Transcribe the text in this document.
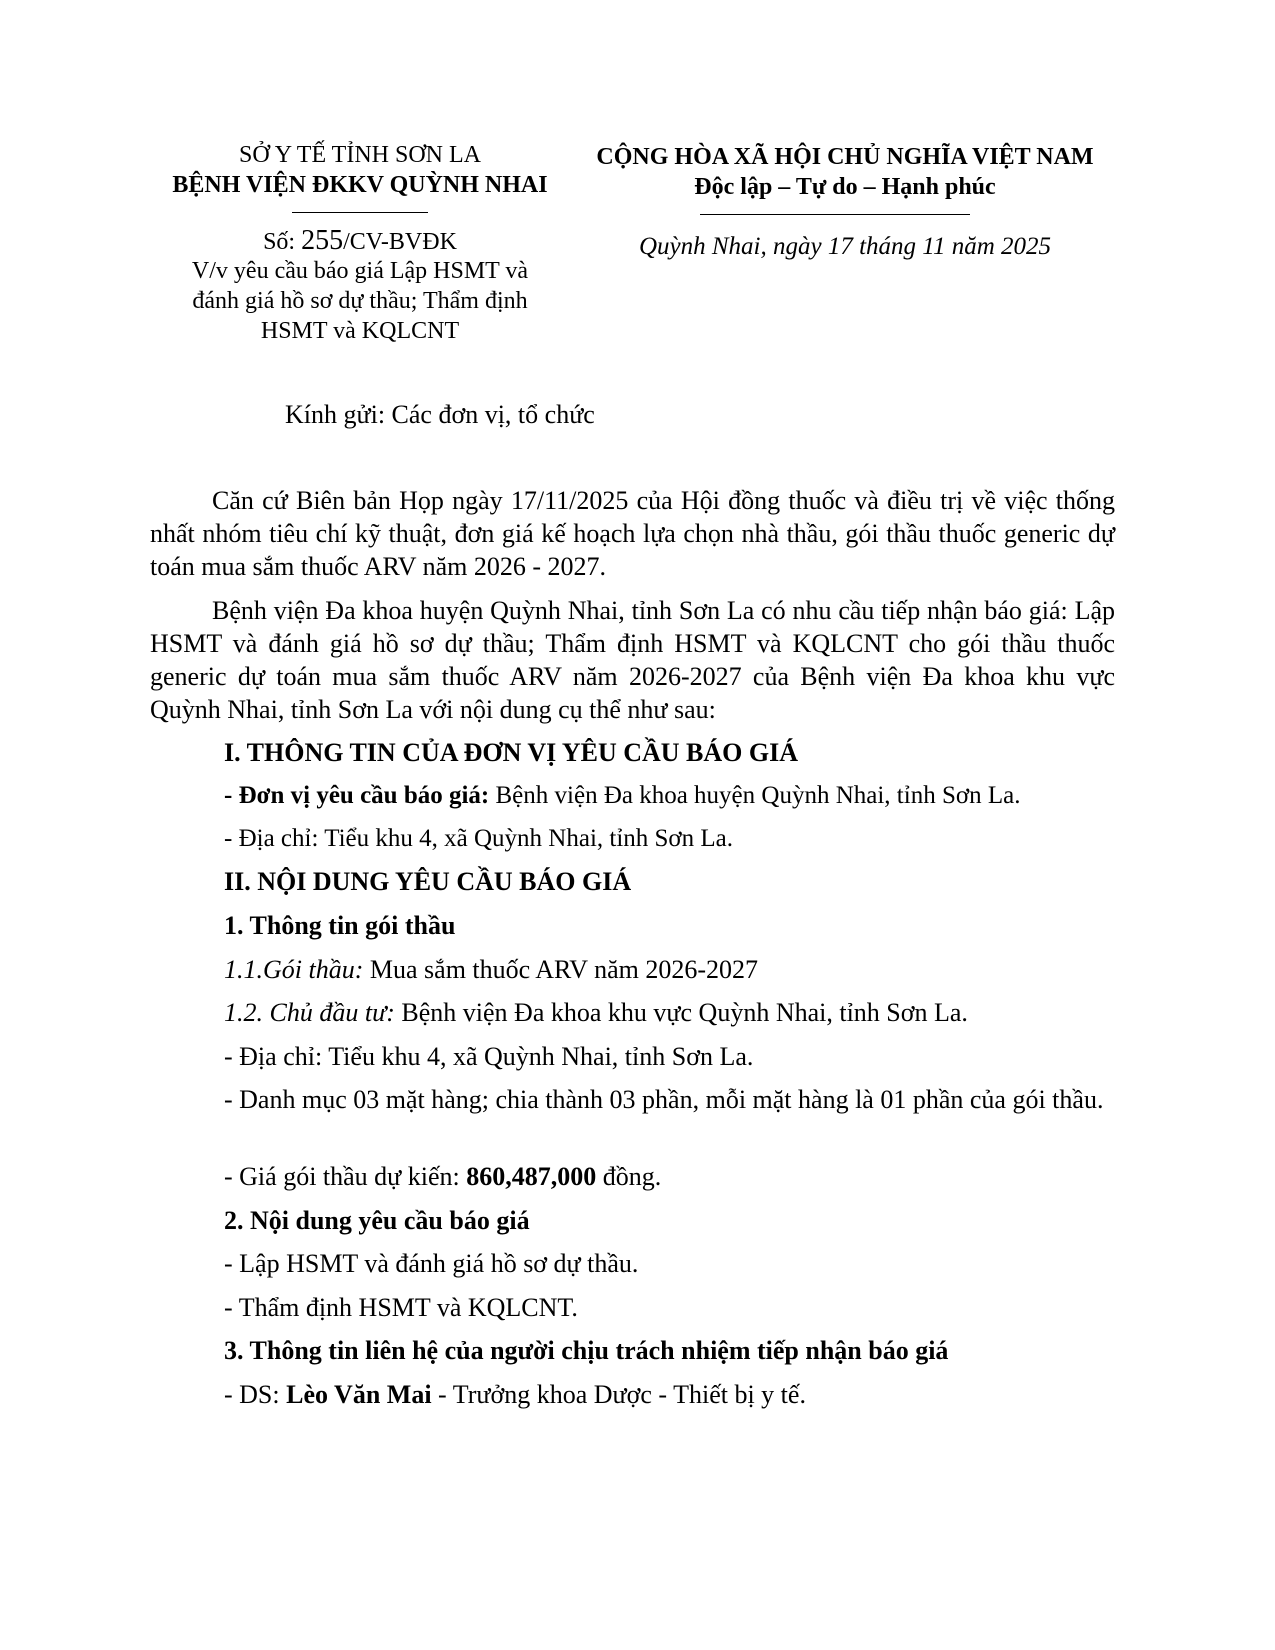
SỞ Y TẾ TỈNH SƠN LA
BỆNH VIỆN ĐKKV QUỲNH NHAI
Số: 255/CV-BVĐK
V/v yêu cầu báo giá Lập HSMT và
đánh giá hồ sơ dự thầu; Thẩm định
HSMT và KQLCNT
CỘNG HÒA XÃ HỘI CHỦ NGHĨA VIỆT NAM
Độc lập – Tự do – Hạnh phúc
Quỳnh Nhai, ngày 17 tháng 11 năm 2025
Kính gửi: Các đơn vị, tổ chức
Căn cứ Biên bản Họp ngày 17/11/2025 của Hội đồng thuốc và điều trị về việc thống nhất nhóm tiêu chí kỹ thuật, đơn giá kế hoạch lựa chọn nhà thầu, gói thầu thuốc generic dự toán mua sắm thuốc ARV năm 2026 - 2027.
Bệnh viện Đa khoa huyện Quỳnh Nhai, tỉnh Sơn La có nhu cầu tiếp nhận báo giá: Lập HSMT và đánh giá hồ sơ dự thầu; Thẩm định HSMT và KQLCNT cho gói thầu thuốc generic dự toán mua sắm thuốc ARV năm 2026-2027 của Bệnh viện Đa khoa khu vực Quỳnh Nhai, tỉnh Sơn La với nội dung cụ thể như sau:
I. THÔNG TIN CỦA ĐƠN VỊ YÊU CẦU BÁO GIÁ
- Đơn vị yêu cầu báo giá: Bệnh viện Đa khoa huyện Quỳnh Nhai, tỉnh Sơn La.
- Địa chỉ: Tiểu khu 4, xã Quỳnh Nhai, tỉnh Sơn La.
II. NỘI DUNG YÊU CẦU BÁO GIÁ
1. Thông tin gói thầu
1.1.Gói thầu: Mua sắm thuốc ARV năm 2026-2027
1.2. Chủ đầu tư: Bệnh viện Đa khoa khu vực Quỳnh Nhai, tỉnh Sơn La.
- Địa chỉ: Tiểu khu 4, xã Quỳnh Nhai, tỉnh Sơn La.
- Danh mục 03 mặt hàng; chia thành 03 phần, mỗi mặt hàng là 01 phần của gói thầu.
- Giá gói thầu dự kiến: 860,487,000 đồng.
2. Nội dung yêu cầu báo giá
- Lập HSMT và đánh giá hồ sơ dự thầu.
- Thẩm định HSMT và KQLCNT.
3. Thông tin liên hệ của người chịu trách nhiệm tiếp nhận báo giá
- DS: Lèo Văn Mai - Trưởng khoa Dược - Thiết bị y tế.
